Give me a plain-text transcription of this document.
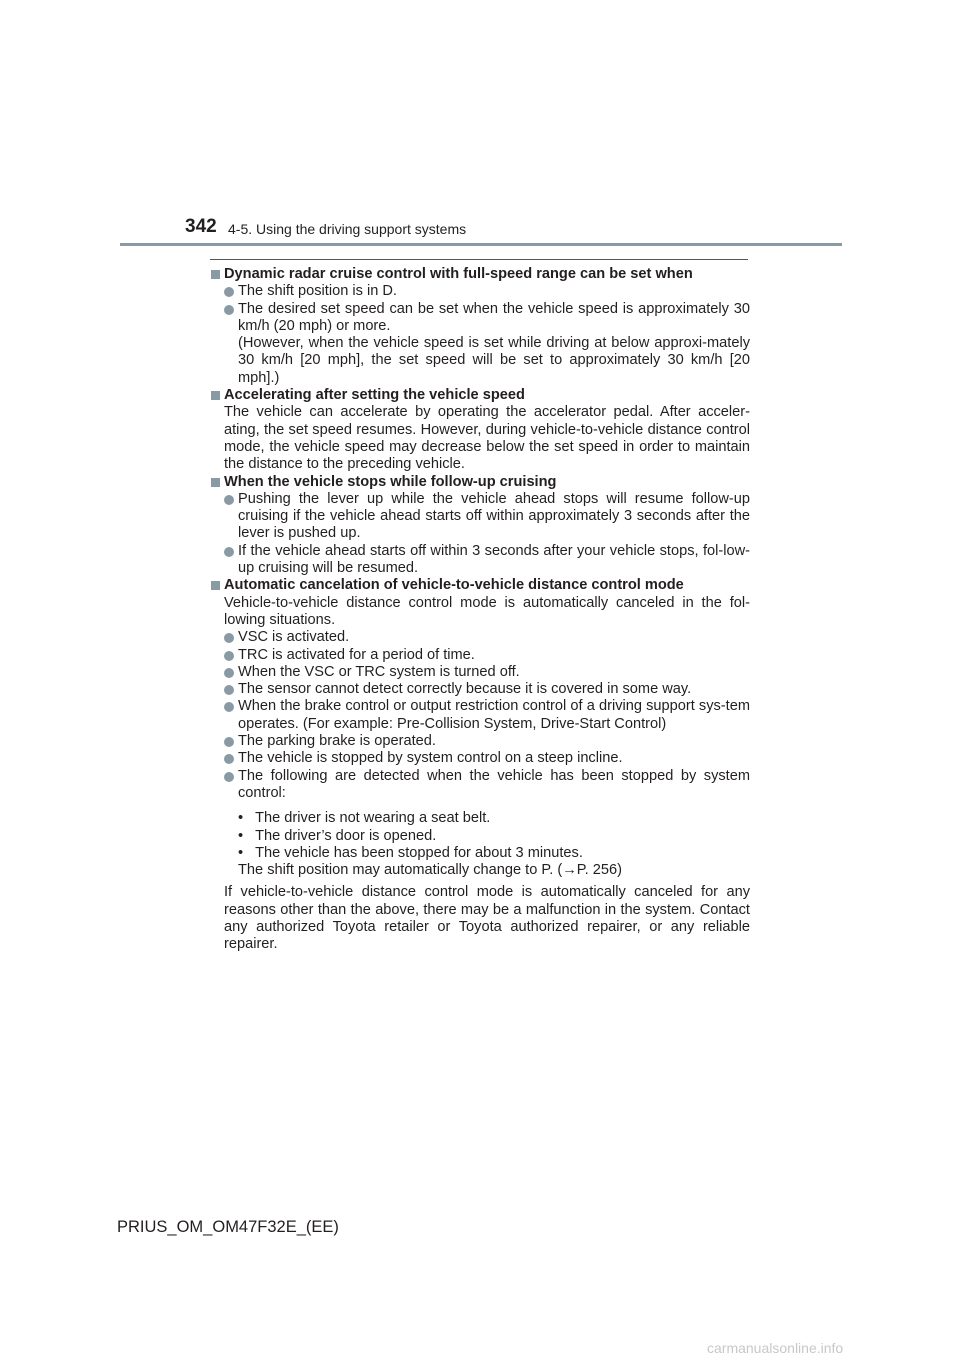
342 4-5. Using the driving support systems

Dynamic radar cruise control with full-speed range can be set when

The shift position is in D.

The desired set speed can be set when the vehicle speed is approximately 30 km/h (20 mph) or more.
(However, when the vehicle speed is set while driving at below approxi-mately 30 km/h [20 mph], the set speed will be set to approximately 30 km/h [20 mph].)

Accelerating after setting the vehicle speed

The vehicle can accelerate by operating the accelerator pedal. After acceler-ating, the set speed resumes. However, during vehicle-to-vehicle distance control mode, the vehicle speed may decrease below the set speed in order to maintain the distance to the preceding vehicle.

When the vehicle stops while follow-up cruising

Pushing the lever up while the vehicle ahead stops will resume follow-up cruising if the vehicle ahead starts off within approximately 3 seconds after the lever is pushed up.

If the vehicle ahead starts off within 3 seconds after your vehicle stops, fol-low-up cruising will be resumed.

Automatic cancelation of vehicle-to-vehicle distance control mode

Vehicle-to-vehicle distance control mode is automatically canceled in the fol-lowing situations.

VSC is activated.

TRC is activated for a period of time.

When the VSC or TRC system is turned off.

The sensor cannot detect correctly because it is covered in some way.

When the brake control or output restriction control of a driving support sys-tem operates. (For example: Pre-Collision System, Drive-Start Control)

The parking brake is operated.

The vehicle is stopped by system control on a steep incline.

The following are detected when the vehicle has been stopped by system control:

• The driver is not wearing a seat belt.
• The driver’s door is opened.
• The vehicle has been stopped for about 3 minutes.
The shift position may automatically change to P. (→P. 256)

If vehicle-to-vehicle distance control mode is automatically canceled for any reasons other than the above, there may be a malfunction in the system. Contact any authorized Toyota retailer or Toyota authorized repairer, or any reliable repairer.

PRIUS_OM_OM47F32E_(EE)
carmanualsonline.info
